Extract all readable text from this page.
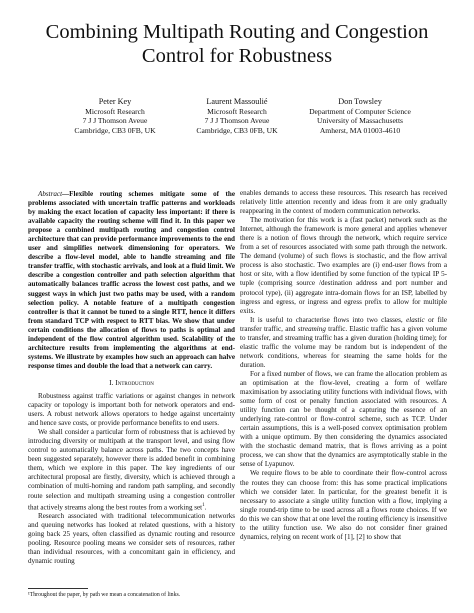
Combining Multipath Routing and Congestion Control for Robustness
Peter Key
Microsoft Research
7 J J Thomson Aveue
Cambridge, CB3 0FB, UK
Laurent Massoulié
Microsoft Research
7 J J Thomson Aveue
Cambridge, CB3 0FB, UK
Don Towsley
Department of Computer Science
University of Massachusetts
Amherst, MA 01003-4610

Abstract—Flexible routing schemes mitigate some of the problems associated with uncertain traffic patterns and workloads by making the exact location of capacity less important: if there is available capacity the routing scheme will find it. In this paper we propose a combined multipath routing and congestion control architecture that can provide performance improvements to the end user and simplifies network dimensioning for operators. We describe a flow-level model, able to handle streaming and file transfer traffic, with stochastic arrivals, and look at a fluid limit. We describe a congestion controller and path selection algorithm that automatically balances traffic across the lowest cost paths, and we suggest ways in which just two paths may be used, with a random selection policy. A notable feature of a multipath congestion controller is that it cannot be tuned to a single RTT, hence it differs from standard TCP with respect to RTT bias. We show that under certain conditions the allocation of flows to paths is optimal and independent of the flow control algorithm used. Scalability of the architecture results from implementing the algorithms at end-systems. We illustrate by examples how such an approach can halve response times and double the load that a network can carry.

I. Introduction

Robustness against traffic variations or against changes in network capacity or topology is important both for network operators and end-users. A robust network allows operators to hedge against uncertainty and hence save costs, or provide performance benefits to end users.

We shall consider a particular form of robustness that is achieved by introducing diversity or multipath at the transport level, and using flow control to automatically balance across paths. The two concepts have been suggested separately, however there is added benefit in combining them, which we explore in this paper. The key ingredients of our architectural proposal are firstly, diversity, which is achieved through a combination of multi-homing and random path sampling, and secondly route selection and multipath streaming using a congestion controller that actively streams along the best routes from a working set$^1$.

Research associated with traditional telecommunication networks and queuing networks has looked at related questions, with a history going back 25 years, often classified as dynamic routing and resource pooling. Resource pooling means we consider sets of resources, rather than individual resources, with a concomitant gain in efficiency, and dynamic routing

¹Throughout the paper, by path we mean a concatenation of links.

enables demands to access these resources. This research has received relatively little attention recently and ideas from it are only gradually reappearing in the context of modern communication networks.

The motivation for this work is a (fast packet) network such as the Internet, although the framework is more general and applies whenever there is a notion of flows through the network, which require service from a set of resources associated with some path through the network. The demand (volume) of such flows is stochastic, and the flow arrival process is also stochastic. Two examples are (i) end-user flows from a host or site, with a flow identified by some function of the typical IP 5-tuple (comprising source /destination address and port number and protocol type), (ii) aggregate intra-domain flows for an ISP, labelled by ingress and egress, or ingress and egress prefix to allow for multiple exits.

It is useful to characterise flows into two classes, elastic or file transfer traffic, and streaming traffic. Elastic traffic has a given volume to transfer, and streaming traffic has a given duration (holding time); for elastic traffic the volume may be random but is independent of the network conditions, whereas for steaming the same holds for the duration.

For a fixed number of flows, we can frame the allocation problem as an optimisation at the flow-level, creating a form of welfare maximisation by associating utility functions with individual flows, with some form of cost or penalty function associated with resources. A utility function can be thought of a capturing the essence of an underlying rate-control or flow-control scheme, such as TCP. Under certain assumptions, this is a well-posed convex optimisation problem with a unique optimum. By then considering the dynamics associated with the stochastic demand matrix, that is flows arriving as a point process, we can show that the dynamics are asymptotically stable in the sense of Lyapunov.

We require flows to be able to coordinate their flow-control across the routes they can choose from: this has some practical implications which we consider later. In particular, for the greatest benefit it is necessary to associate a single utility function with a flow, implying a single round-trip time to be used across all a flows route choices. If we do this we can show that at one level the routing efficiency is insensitive to the utility function use. We also do not consider finer grained dynamics, relying on recent work of [1], [2] to show that
